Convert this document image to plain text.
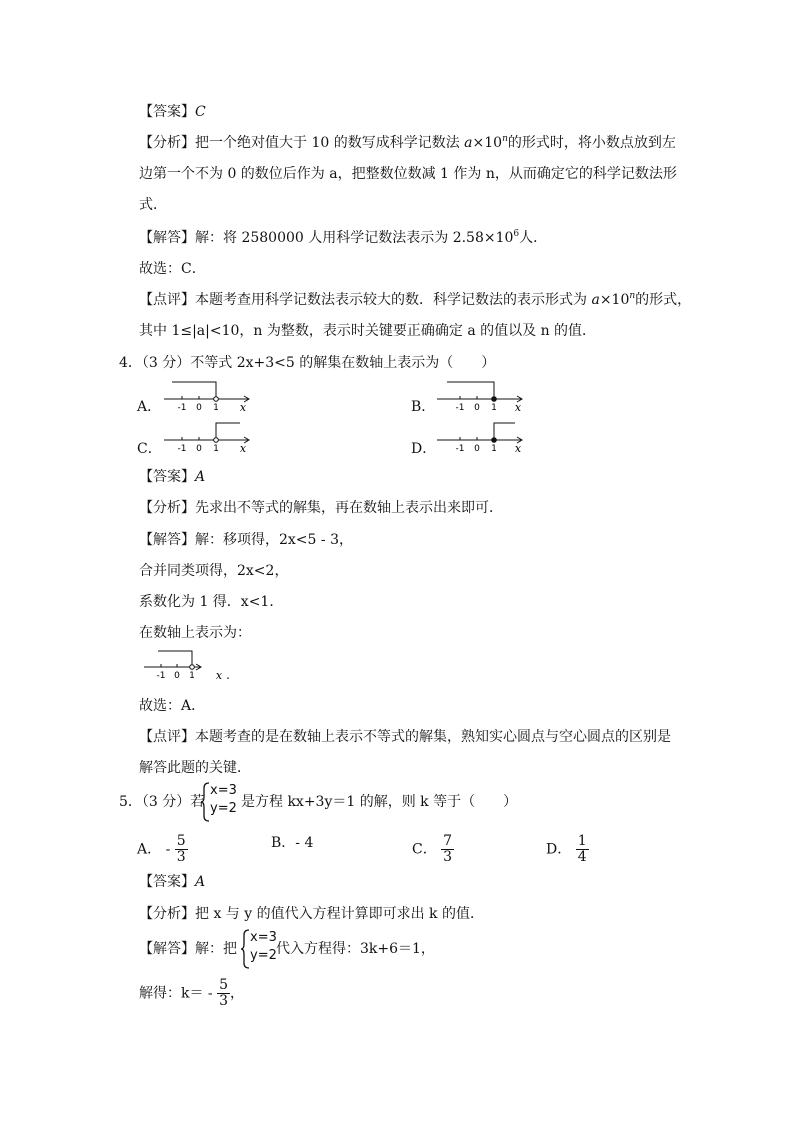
【答案】C
【分析】把一个绝对值大于 10 的数写成科学记数法 $a\times 10^n$的形式时，将小数点放到左
边第一个不为 0 的数位后作为 a，把整数位数减 1 作为 n，从而确定它的科学记数法形
式．
【解答】解：将 2580000 人用科学记数法表示为 $2.58\times 10^6$人．
故选：C．
【点评】本题考查用科学记数法表示较大的数．科学记数法的表示形式为 $a\times 10^n$的形式，
其中 1≤|a|<10，n 为整数，表示时关键要正确确定 a 的值以及 n 的值．
4．（3 分）不等式 2x+3<5 的解集在数轴上表示为（　　）
A． -1 0 1 x	B． -1 0 1 x
C． -1 0 1 x	D． -1 0 1 x
【答案】A
【分析】先求出不等式的解集，再在数轴上表示出来即可．
【解答】解：移项得，2x<5 - 3，
合并同类项得，2x<2，
系数化为 1 得．x<1．
在数轴上表示为：
-1 0 1 x .
故选：A．
【点评】本题考查的是在数轴上表示不等式的解集，熟知实心圆点与空心圆点的区别是
解答此题的关键．
5．（3 分）若
x=3
y=2 是方程 kx+3y＝1 的解，则 k 等于（　　）
A． - $\frac{5}{3}$	B．- 4	C． $\frac{7}{3}$	D． $\frac{1}{4}$
【答案】A
【分析】把 x 与 y 的值代入方程计算即可求出 k 的值．
【解答】解：把
x=3
y=2 代入方程得：3k+6＝1，
解得：$k= - \frac{5}{3}$ ，
